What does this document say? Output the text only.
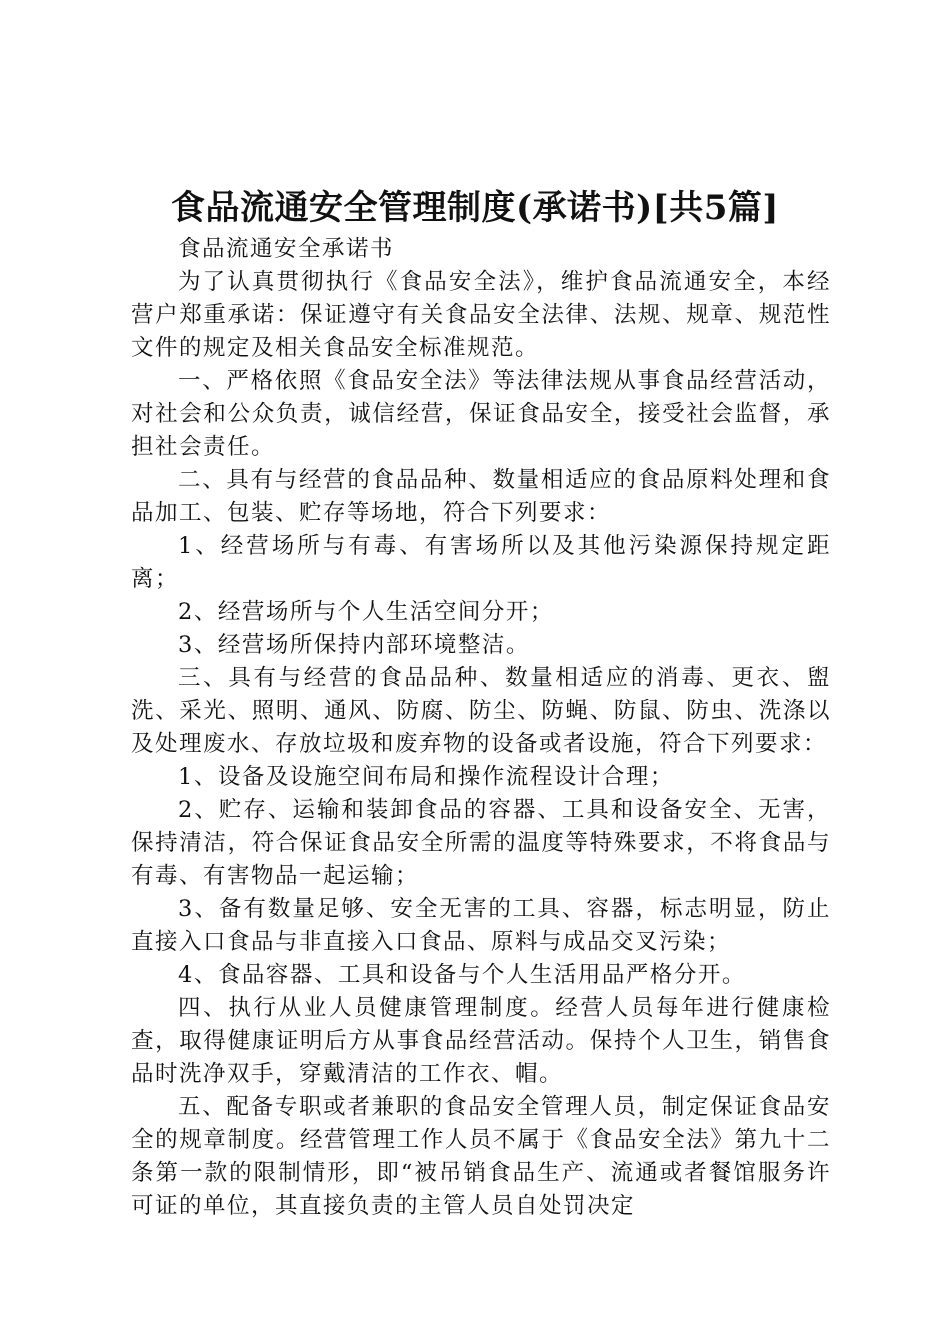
食品流通安全管理制度(承诺书)[共5篇]

食品流通安全承诺书

为了认真贯彻执行《食品安全法》，维护食品流通安全，本经营户郑重承诺：保证遵守有关食品安全法律、法规、规章、规范性文件的规定及相关食品安全标准规范。

一、严格依照《食品安全法》等法律法规从事食品经营活动，对社会和公众负责，诚信经营，保证食品安全，接受社会监督，承担社会责任。

二、具有与经营的食品品种、数量相适应的食品原料处理和食品加工、包装、贮存等场地，符合下列要求：

1、经营场所与有毒、有害场所以及其他污染源保持规定距离；

2、经营场所与个人生活空间分开；

3、经营场所保持内部环境整洁。

三、具有与经营的食品品种、数量相适应的消毒、更衣、盥洗、采光、照明、通风、防腐、防尘、防蝇、防鼠、防虫、洗涤以及处理废水、存放垃圾和废弃物的设备或者设施，符合下列要求：

1、设备及设施空间布局和操作流程设计合理；

2、贮存、运输和装卸食品的容器、工具和设备安全、无害，保持清洁，符合保证食品安全所需的温度等特殊要求，不将食品与有毒、有害物品一起运输；

3、备有数量足够、安全无害的工具、容器，标志明显，防止直接入口食品与非直接入口食品、原料与成品交叉污染；

4、食品容器、工具和设备与个人生活用品严格分开。

四、执行从业人员健康管理制度。经营人员每年进行健康检查，取得健康证明后方从事食品经营活动。保持个人卫生，销售食品时洗净双手，穿戴清洁的工作衣、帽。

五、配备专职或者兼职的食品安全管理人员，制定保证食品安全的规章制度。经营管理工作人员不属于《食品安全法》第九十二条第一款的限制情形，即“被吊销食品生产、流通或者餐馆服务许可证的单位，其直接负责的主管人员自处罚决定
